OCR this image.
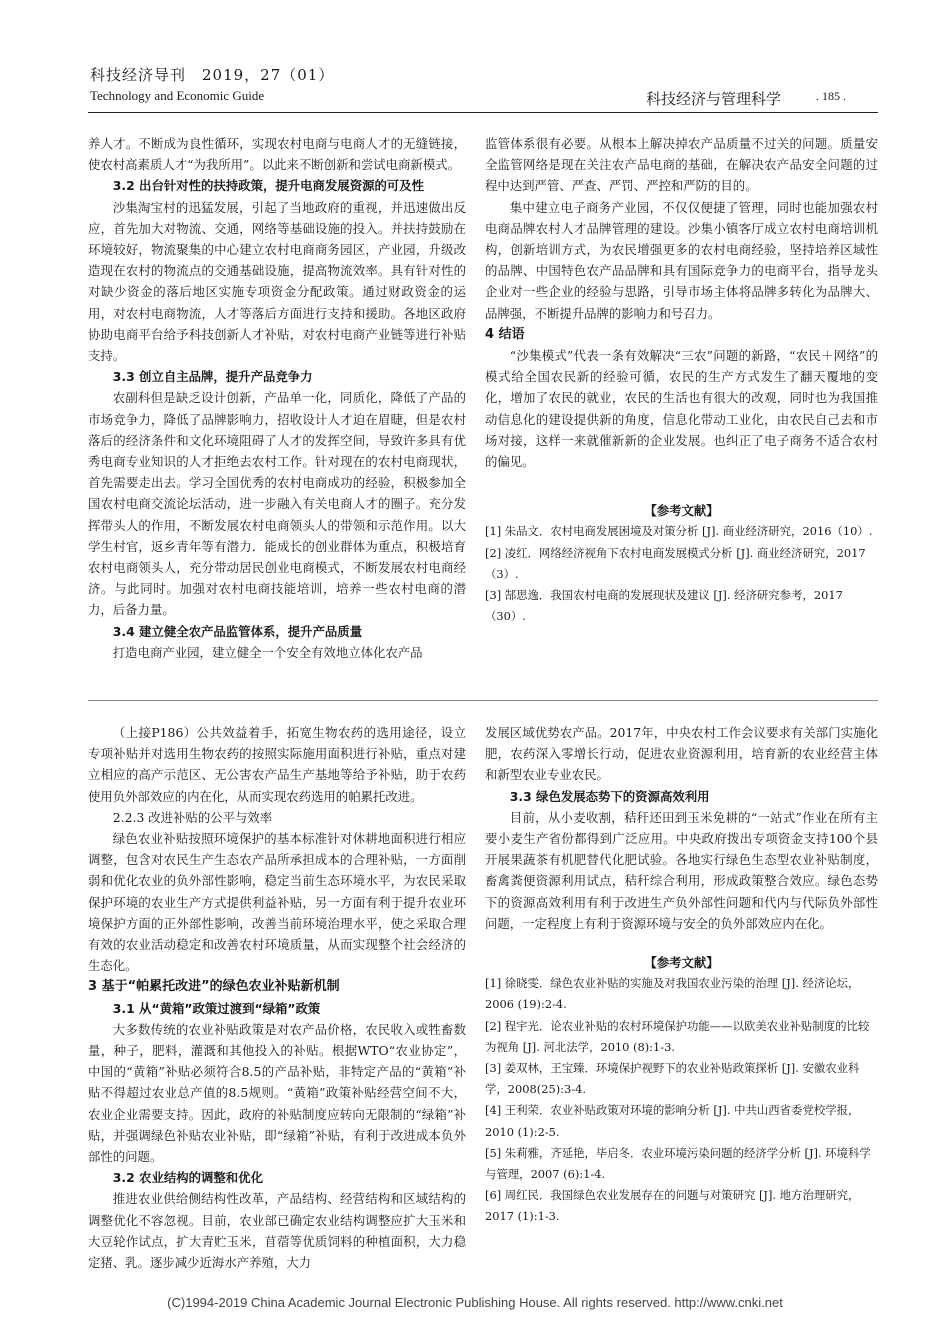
科技经济导刊　2019，27（01）
Technology and Economic Guide	科技经济与管理科学	. 185 .

养人才。不断成为良性循环，实现农村电商与电商人才的无缝链接，使农村高素质人才“为我所用”。以此来不断创新和尝试电商新模式。

3.2 出台针对性的扶持政策，提升电商发展资源的可及性

沙集淘宝村的迅猛发展，引起了当地政府的重视，并迅速做出反应，首先加大对物流、交通，网络等基础设施的投入。并扶持鼓励在环境较好，物流聚集的中心建立农村电商商务园区，产业园，升级改造现在农村的物流点的交通基础设施，提高物流效率。具有针对性的对缺少资金的落后地区实施专项资金分配政策。通过财政资金的运用，对农村电商物流，人才等落后方面进行支持和援助。各地区政府协助电商平台给予科技创新人才补贴，对农村电商产业链等进行补贴支持。

3.3 创立自主品牌，提升产品竞争力

农副科但是缺乏设计创新，产品单一化，同质化，降低了产品的市场竞争力，降低了品牌影响力，招收设计人才迫在眉睫，但是农村落后的经济条件和文化环境阻碍了人才的发挥空间，导致许多具有优秀电商专业知识的人才拒绝去农村工作。针对现在的农村电商现状，首先需要走出去。学习全国优秀的农村电商成功的经验，积极参加全国农村电商交流论坛活动，进一步融入有关电商人才的圈子。充分发挥带头人的作用，不断发展农村电商领头人的带领和示范作用。以大学生村官，返乡青年等有潜力．能成长的创业群体为重点，积极培育农村电商领头人，充分带动居民创业电商模式，不断发展农村电商经济。与此同时。加强对农村电商技能培训，培养一些农村电商的潜力，后备力量。

3.4 建立健全农产品监管体系，提升产品质量

打造电商产业园，建立健全一个安全有效地立体化农产品

监管体系很有必要。从根本上解决掉农产品质量不过关的问题。质量安全监管网络是现在关注农产品电商的基础，在解决农产品安全问题的过程中达到严管、严查、严罚、严控和严防的目的。

集中建立电子商务产业园，不仅仅便捷了管理，同时也能加强农村电商品牌农村人才品牌管理的建设。沙集小镇客厅成立农村电商培训机构，创新培训方式，为农民增强更多的农村电商经验，坚持培养区域性的品牌、中国特色农产品品牌和具有国际竞争力的电商平台，指导龙头企业对一些企业的经验与思路，引导市场主体将品牌多转化为品牌大、品牌强，不断提升品牌的影响力和号召力。

4 结语

“沙集模式”代表一条有效解决“三农”问题的新路，“农民＋网络”的模式给全国农民新的经验可循，农民的生产方式发生了翻天覆地的变化，增加了农民的就业，农民的生活也有很大的改观，同时也为我国推动信息化的建设提供新的角度，信息化带动工业化，由农民自己去和市场对接，这样一来就催新新的企业发展。也纠正了电子商务不适合农村的偏见。

【参考文献】

[1] 朱品文．农村电商发展困境及对策分析 [J]. 商业经济研究，2016（10）.

[2] 凌红．网络经济视角下农村电商发展模式分析 [J]. 商业经济研究，2017（3）.

[3] 郜思逸．我国农村电商的发展现状及建议 [J]. 经济研究参考，2017（30）.

（上接P186）公共效益着手，拓宽生物农药的选用途径，设立专项补贴并对选用生物农药的按照实际施用面积进行补贴，重点对建立相应的高产示范区、无公害农产品生产基地等给予补贴，助于农药使用负外部效应的内在化，从而实现农药选用的帕累托改进。

2.2.3 改进补贴的公平与效率

绿色农业补贴按照环境保护的基本标准针对休耕地面积进行相应调整，包含对农民生产生态农产品所承担成本的合理补贴，一方面削弱和优化农业的负外部性影响，稳定当前生态环境水平，为农民采取保护环境的农业生产方式提供利益补贴，另一方面有利于提升农业环境保护方面的正外部性影响，改善当前环境治理水平，使之采取合理有效的农业活动稳定和改善农村环境质量，从而实现整个社会经济的生态化。

3 基于“帕累托改进”的绿色农业补贴新机制

3.1 从“黄箱”政策过渡到“绿箱”政策

大多数传统的农业补贴政策是对农产品价格，农民收入或牲畜数量，种子，肥料，灌溉和其他投入的补贴。根据WTO“农业协定”，中国的“黄箱”补贴必须符合8.5的产品补贴，非特定产品的“黄箱”补贴不得超过农业总产值的8.5规则。“黄箱”政策补贴经营空间不大，农业企业需要支持。因此，政府的补贴制度应转向无限制的“绿箱”补贴，并强调绿色补贴农业补贴，即“绿箱”补贴，有利于改进成本负外部性的问题。

3.2 农业结构的调整和优化

推进农业供给侧结构性改革，产品结构、经营结构和区域结构的调整优化不容忽视。目前，农业部已确定农业结构调整应扩大玉米和大豆轮作试点，扩大青贮玉米，苜蓿等优质饲料的种植面积，大力稳定猪、乳。逐步减少近海水产养殖，大力

发展区域优势农产品。2017年，中央农村工作会议要求有关部门实施化肥，农药深入零增长行动，促进农业资源利用，培育新的农业经营主体和新型农业专业农民。

3.3 绿色发展态势下的资源高效利用

目前，从小麦收割，秸秆还田到玉米免耕的“一站式”作业在所有主要小麦生产省份都得到广泛应用。中央政府拨出专项资金支持100个县开展果蔬茶有机肥替代化肥试验。各地实行绿色生态型农业补贴制度，畜禽粪便资源利用试点，秸秆综合利用，形成政策整合效应。绿色态势下的资源高效利用有利于改进生产负外部性问题和代内与代际负外部性问题，一定程度上有利于资源环境与安全的负外部效应内在化。

【参考文献】

[1] 徐晓雯．绿色农业补贴的实施及对我国农业污染的治理 [J]. 经济论坛，2006 (19):2-4.

[2] 程宇光．论农业补贴的农村环境保护功能——以欧美农业补贴制度的比较为视角 [J]. 河北法学，2010 (8):1-3.

[3] 姜双林，王宝臻．环境保护视野下的农业补贴政策探析 [J]. 安徽农业科学，2008(25):3-4.

[4] 王利荣．农业补贴政策对环境的影响分析 [J]. 中共山西省委党校学报，2010 (1):2-5.

[5] 朱莉雅，齐延艳，毕启冬．农业环境污染问题的经济学分析 [J]. 环境科学与管理，2007 (6):1-4.

[6] 周红民．我国绿色农业发展存在的问题与对策研究 [J]. 地方治理研究，2017 (1):1-3.

(C)1994-2019 China Academic Journal Electronic Publishing House. All rights reserved. http://www.cnki.net
